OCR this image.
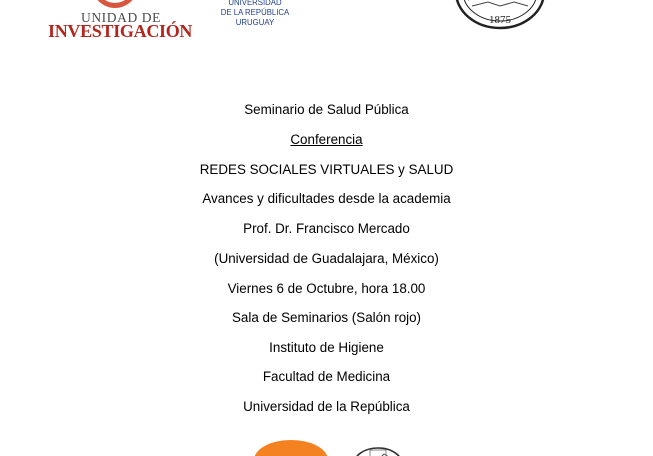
UNIDAD DE
INVESTIGACIÓN
UNIVERSIDAD
DE LA REPÚBLICA
URUGUAY	1875
Seminario de Salud Pública
Conferencia
REDES SOCIALES VIRTUALES y SALUD
Avances y dificultades desde la academia
Prof. Dr. Francisco Mercado
(Universidad de Guadalajara, México)
Viernes 6 de Octubre, hora 18.00
Sala de Seminarios (Salón rojo)
Instituto de Higiene
Facultad de Medicina
Universidad de la República
